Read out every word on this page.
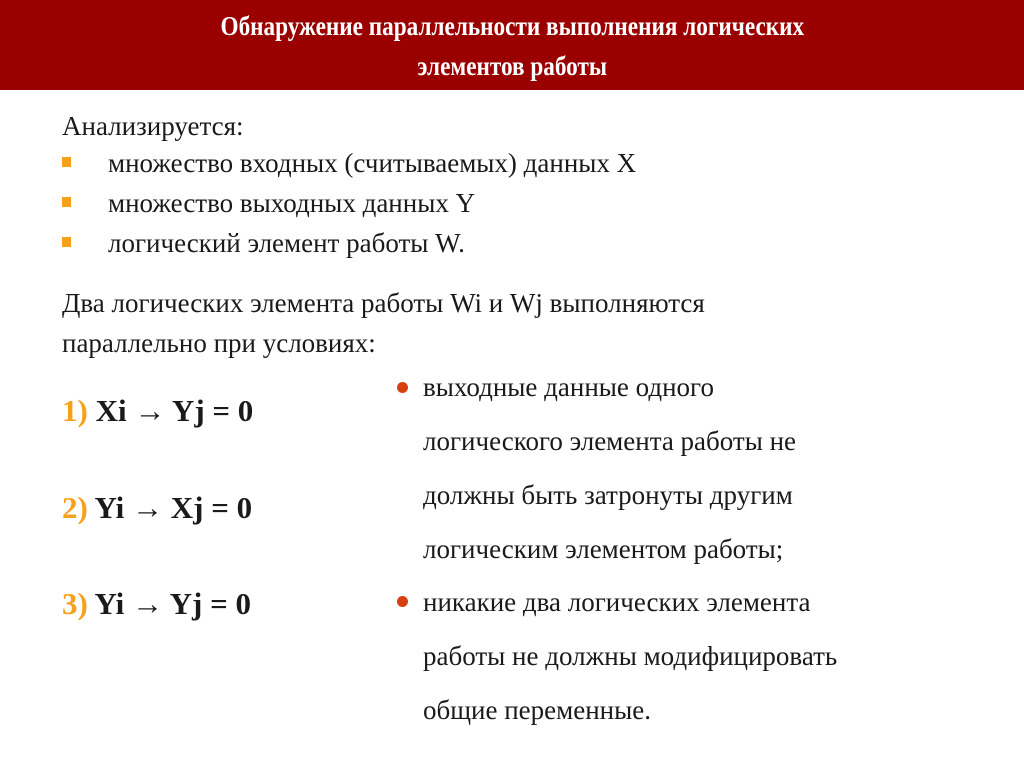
Обнаружение параллельности выполнения логических
элементов работы
Анализируется:
множество входных (считываемых) данных X
множество выходных данных Y
логический элемент работы W.
Два логических элемента работы Wi и Wj выполняются
параллельно при условиях:
1) Xi → Yj = 0
2) Yi → Xj = 0
3) Yi → Yj = 0
выходные данные одного
логического элемента работы не
должны быть затронуты другим
логическим элементом работы;
никакие два логических элемента
работы не должны модифицировать
общие переменные.
